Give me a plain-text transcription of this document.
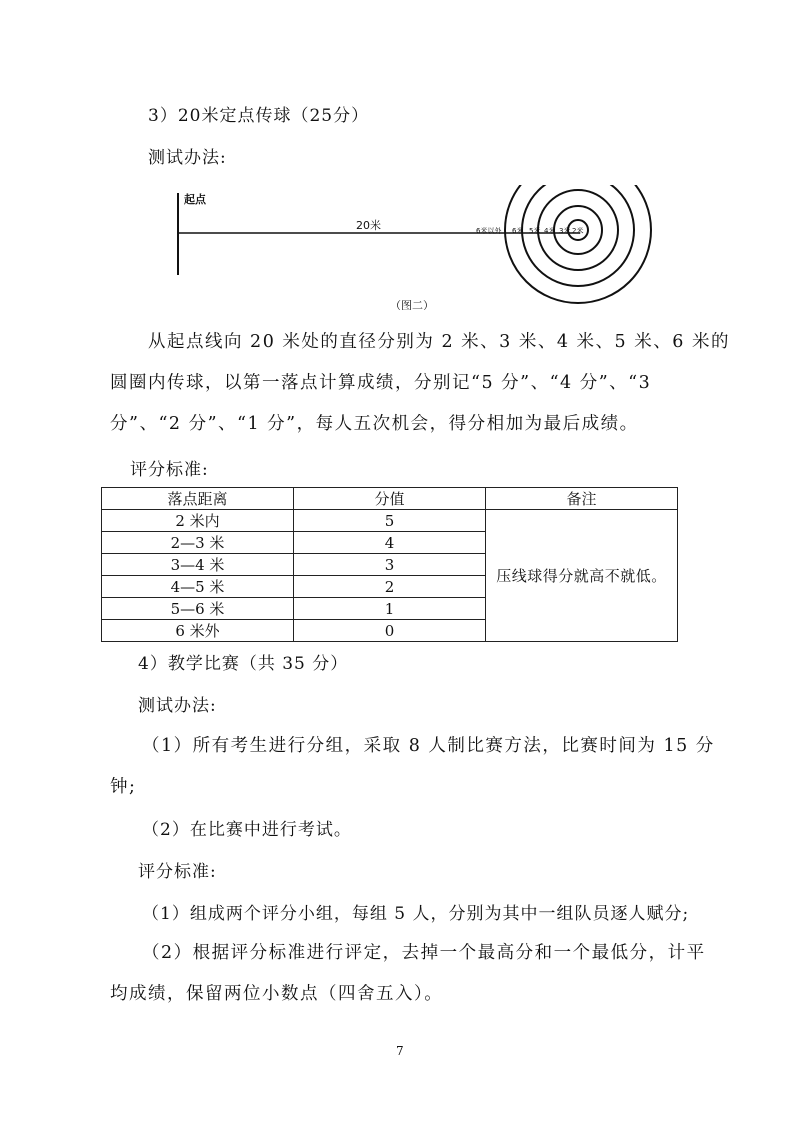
3）20米定点传球（25分）
测试办法:
起点
20米	6米以外 6米 5米 4米 3米 2米
（图二）
从起点线向 20 米处的直径分别为 2 米、3 米、4 米、5 米、6 米的
圆圈内传球，以第一落点计算成绩，分别记“5 分”、“4 分”、“3
分”、“2 分”、“1 分”，每人五次机会，得分相加为最后成绩。
评分标准:
落点距离	分值	备注
2 米内	5	压线球得分就高不就低。
2—3 米	4	
3—4 米	3	
4—5 米	2	
5—6 米	1	
6 米外	0	
4）教学比赛（共 35 分）
测试办法:
（1）所有考生进行分组，采取 8 人制比赛方法，比赛时间为 15 分
钟;
（2）在比赛中进行考试。
评分标准:
（1）组成两个评分小组，每组 5 人，分别为其中一组队员逐人赋分;
（2）根据评分标准进行评定，去掉一个最高分和一个最低分，计平
均成绩，保留两位小数点（四舍五入）。
7
